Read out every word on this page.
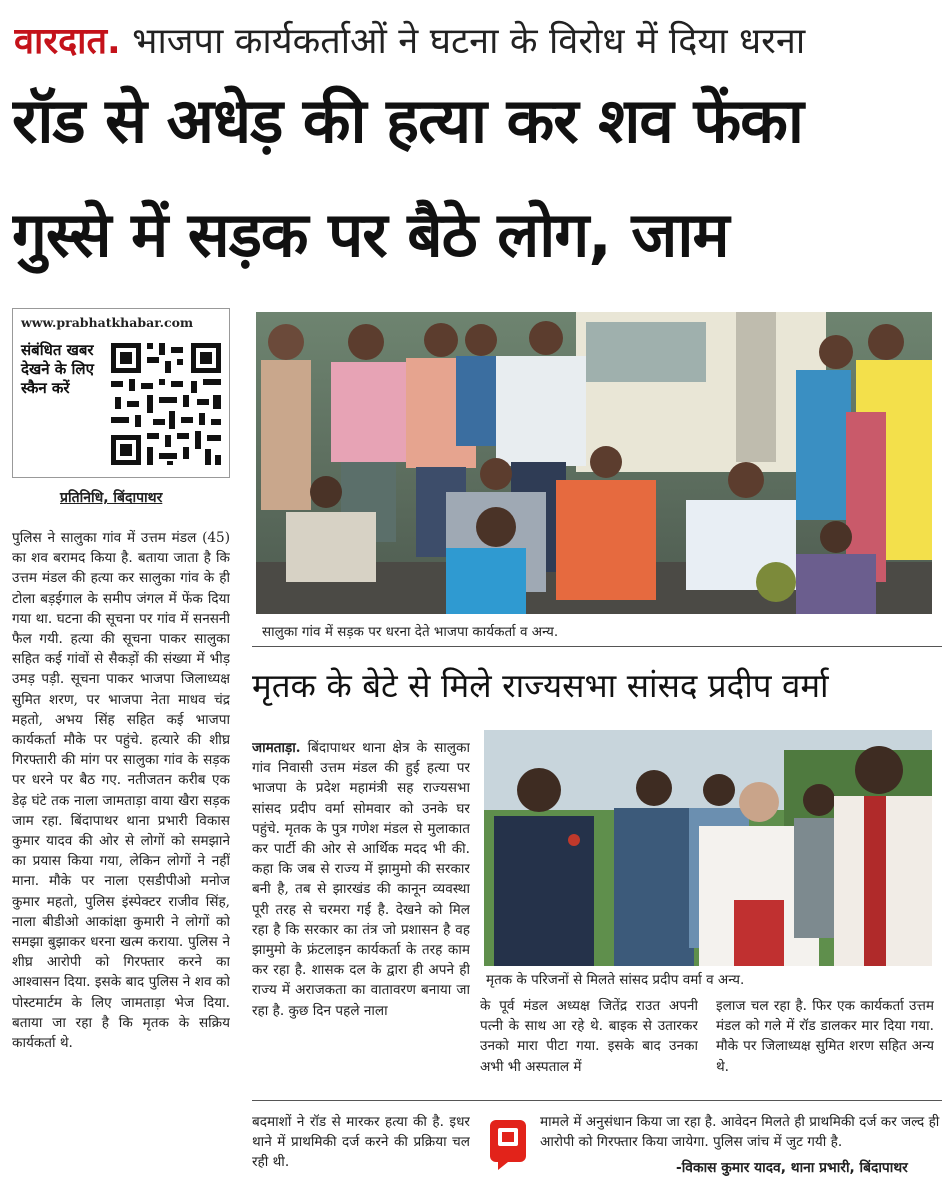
वारदात. भाजपा कार्यकर्ताओं ने घटना के विरोध में दिया धरना
रॉड से अधेड़ की हत्या कर शव फेंका
गुस्से में सड़क पर बैठे लोग, जाम
www.prabhatkhabar.com
संबंधित खबर देखने के लिए स्कैन करें
प्रतिनिधि, बिंदापाथर
पुलिस ने सालुका गांव में उत्तम मंडल (45) का शव बरामद किया है. बताया जाता है कि उत्तम मंडल की हत्या कर सालुका गांव के ही टोला बड़ईगाल के समीप जंगल में फेंक दिया गया था. घटना की सूचना पर गांव में सनसनी फैल गयी. हत्या की सूचना पाकर सालुका सहित कई गांवों से सैकड़ों की संख्या में भीड़ उमड़ पड़ी. सूचना पाकर भाजपा जिलाध्यक्ष सुमित शरण, पर भाजपा नेता माधव चंद्र महतो, अभय सिंह सहित कई भाजपा कार्यकर्ता मौके पर पहुंचे. हत्यारे की शीघ्र गिरफ्तारी की मांग पर सालुका गांव के सड़क पर धरने पर बैठ गए. नतीजतन करीब एक डेढ़ घंटे तक नाला जामताड़ा वाया खैरा सड़क जाम रहा. बिंदापाथर थाना प्रभारी विकास कुमार यादव की ओर से लोगों को समझाने का प्रयास किया गया, लेकिन लोगों ने नहीं माना. मौके पर नाला एसडीपीओ मनोज कुमार महतो, पुलिस इंस्पेक्टर राजीव सिंह, नाला बीडीओ आकांक्षा कुमारी ने लोगों को समझा बुझाकर धरना खत्म कराया. पुलिस ने शीघ्र आरोपी को गिरफ्तार करने का आश्वासन दिया. इसके बाद पुलिस ने शव को पोस्टमार्टम के लिए जामताड़ा भेज दिया. बताया जा रहा है कि मृतक के सक्रिय कार्यकर्ता थे.
सालुका गांव में सड़क पर धरना देते भाजपा कार्यकर्ता व अन्य.
मृतक के बेटे से मिले राज्यसभा सांसद प्रदीप वर्मा
जामताड़ा. बिंदापाथर थाना क्षेत्र के सालुका गांव निवासी उत्तम मंडल की हुई हत्या पर भाजपा के प्रदेश महामंत्री सह राज्यसभा सांसद प्रदीप वर्मा सोमवार को उनके घर पहुंचे. मृतक के पुत्र गणेश मंडल से मुलाकात कर पार्टी की ओर से आर्थिक मदद भी की. कहा कि जब से राज्य में झामुमो की सरकार बनी है, तब से झारखंड की कानून व्यवस्था पूरी तरह से चरमरा गई है. देखने को मिल रहा है कि सरकार का तंत्र जो प्रशासन है वह झामुमो के फ्रंटलाइन कार्यकर्ता के तरह काम कर रहा है. शासक दल के द्वारा ही अपने ही राज्य में अराजकता का वातावरण बनाया जा रहा है. कुछ दिन पहले नाला
मृतक के परिजनों से मिलते सांसद प्रदीप वर्मा व अन्य.
के पूर्व मंडल अध्यक्ष जितेंद्र राउत अपनी पत्नी के साथ आ रहे थे. बाइक से उतारकर उनको मारा पीटा गया. इसके बाद उनका अभी भी अस्पताल में
इलाज चल रहा है. फिर एक कार्यकर्ता उत्तम मंडल को गले में रॉड डालकर मार दिया गया. मौके पर जिलाध्यक्ष सुमित शरण सहित अन्य थे.
बदमाशों ने रॉड से मारकर हत्या की है. इधर थाने में प्राथमिकी दर्ज करने की प्रक्रिया चल रही थी.
मामले में अनुसंधान किया जा रहा है. आवेदन मिलते ही प्राथमिकी दर्ज कर जल्द ही आरोपी को गिरफ्तार किया जायेगा. पुलिस जांच में जुट गयी है.
-विकास कुमार यादव, थाना प्रभारी, बिंदापाथर
